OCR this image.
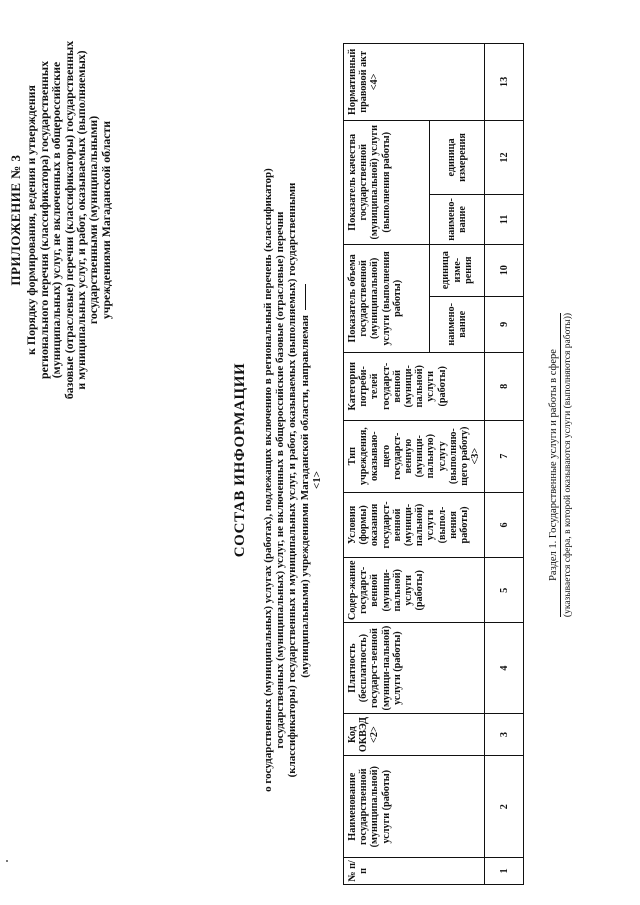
ПРИЛОЖЕНИЕ № 3 к Порядку формирования, ведения и утверждения
регионального перечня (классификатора) государственных
(муниципальных) услуг, не включенных в общероссийские
базовые (отраслевые) перечни (классификаторы) государственных
и муниципальных услуг, и работ, оказываемых (выполняемых)
государственными (муниципальными)
учреждениями Магаданской области
СОСТАВ ИНФОРМАЦИИ о государственных (муниципальных) услугах (работах), подлежащих включению в региональный перечень (классификатор) государственных (муниципальных) услуг, не включенных в общероссийские базовые (отраслевые) перечни (классификаторы) государственных и муниципальных услуг, и работ, оказываемых (выполняемых) государственными (муниципальными) учреждениями Магаданской области, направляемая <1>
№ п/п	Наименование государственной (муниципальной) услуги (работы)	Код ОКВЭД <2>	Платность (бесплатность) государст-венной (муници-пальной) услуги (работы)	Содер-жание государст-венной (муници-пальной) услуги (работы)	Условия (формы) оказания государст-венной (муници-пальной) услуги (выпол-нения работы)	Тип учреждения, оказываю-щего государст-венную (муници-пальную) услугу (выполняю-щего работу) <3>	Категории потреби-телей государст-венной (муници-пальной) услуги (работы)	Показатель объема государственной (муниципальной) услуги (выполнения работы)		Показатель качества государственной (муниципальной) услуги (выполнения работы)		Нормативный правовой акт <4>
								наимено-вание	единица изме-рения	наимено-вание	единица измерения	
1	2	3	4	5	6	7	8	9	10	11	12	13
Раздел 1. Государственные услуги и работы в сфере (указывается сфера, в которой оказываются услуги (выполняются работы))
